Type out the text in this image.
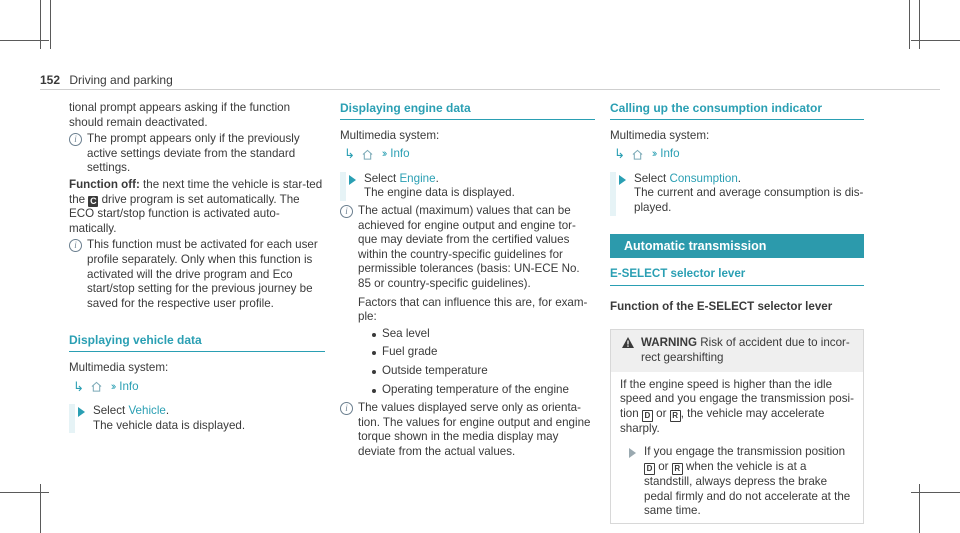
152 Driving and parking

tional prompt appears asking if the function should remain deactivated.

i The prompt appears only if the previously active settings deviate from the standard settings.

Function off: the next time the vehicle is star-ted the C drive program is set automatically. The ECO start/stop function is activated auto-matically.

i This function must be activated for each user profile separately. Only when this function is activated will the drive program and Eco start/stop setting for the previous journey be saved for the respective user profile.
Displaying vehicle data

Multimedia system:

↳ ›› Info
Select Vehicle.
The vehicle data is displayed.
Displaying engine data

Multimedia system:

↳ ›› Info
Select Engine.
The engine data is displayed.
i The actual (maximum) values that can be achieved for engine output and engine tor-que may deviate from the certified values within the country-specific guidelines for permissible tolerances (basis: UN-ECE No. 85 or country-specific guidelines).

Factors that can influence this are, for exam-ple:

Sea level
Fuel grade
Outside temperature
Operating temperature of the engine
i The values displayed serve only as orienta-tion. The values for engine output and engine torque shown in the media display may deviate from the actual values.
Calling up the consumption indicator

Multimedia system:

↳ ›› Info
Select Consumption.
The current and average consumption is dis-played.
Automatic transmission
E-SELECT selector lever

Function of the E-SELECT selector lever

WARNING Risk of accident due to incor-rect gearshifting

If the engine speed is higher than the idle speed and you engage the transmission posi-tion D or R , the vehicle may accelerate sharply.

If you engage the transmission position D or R when the vehicle is at a standstill, always depress the brake pedal firmly and do not accelerate at the same time.
